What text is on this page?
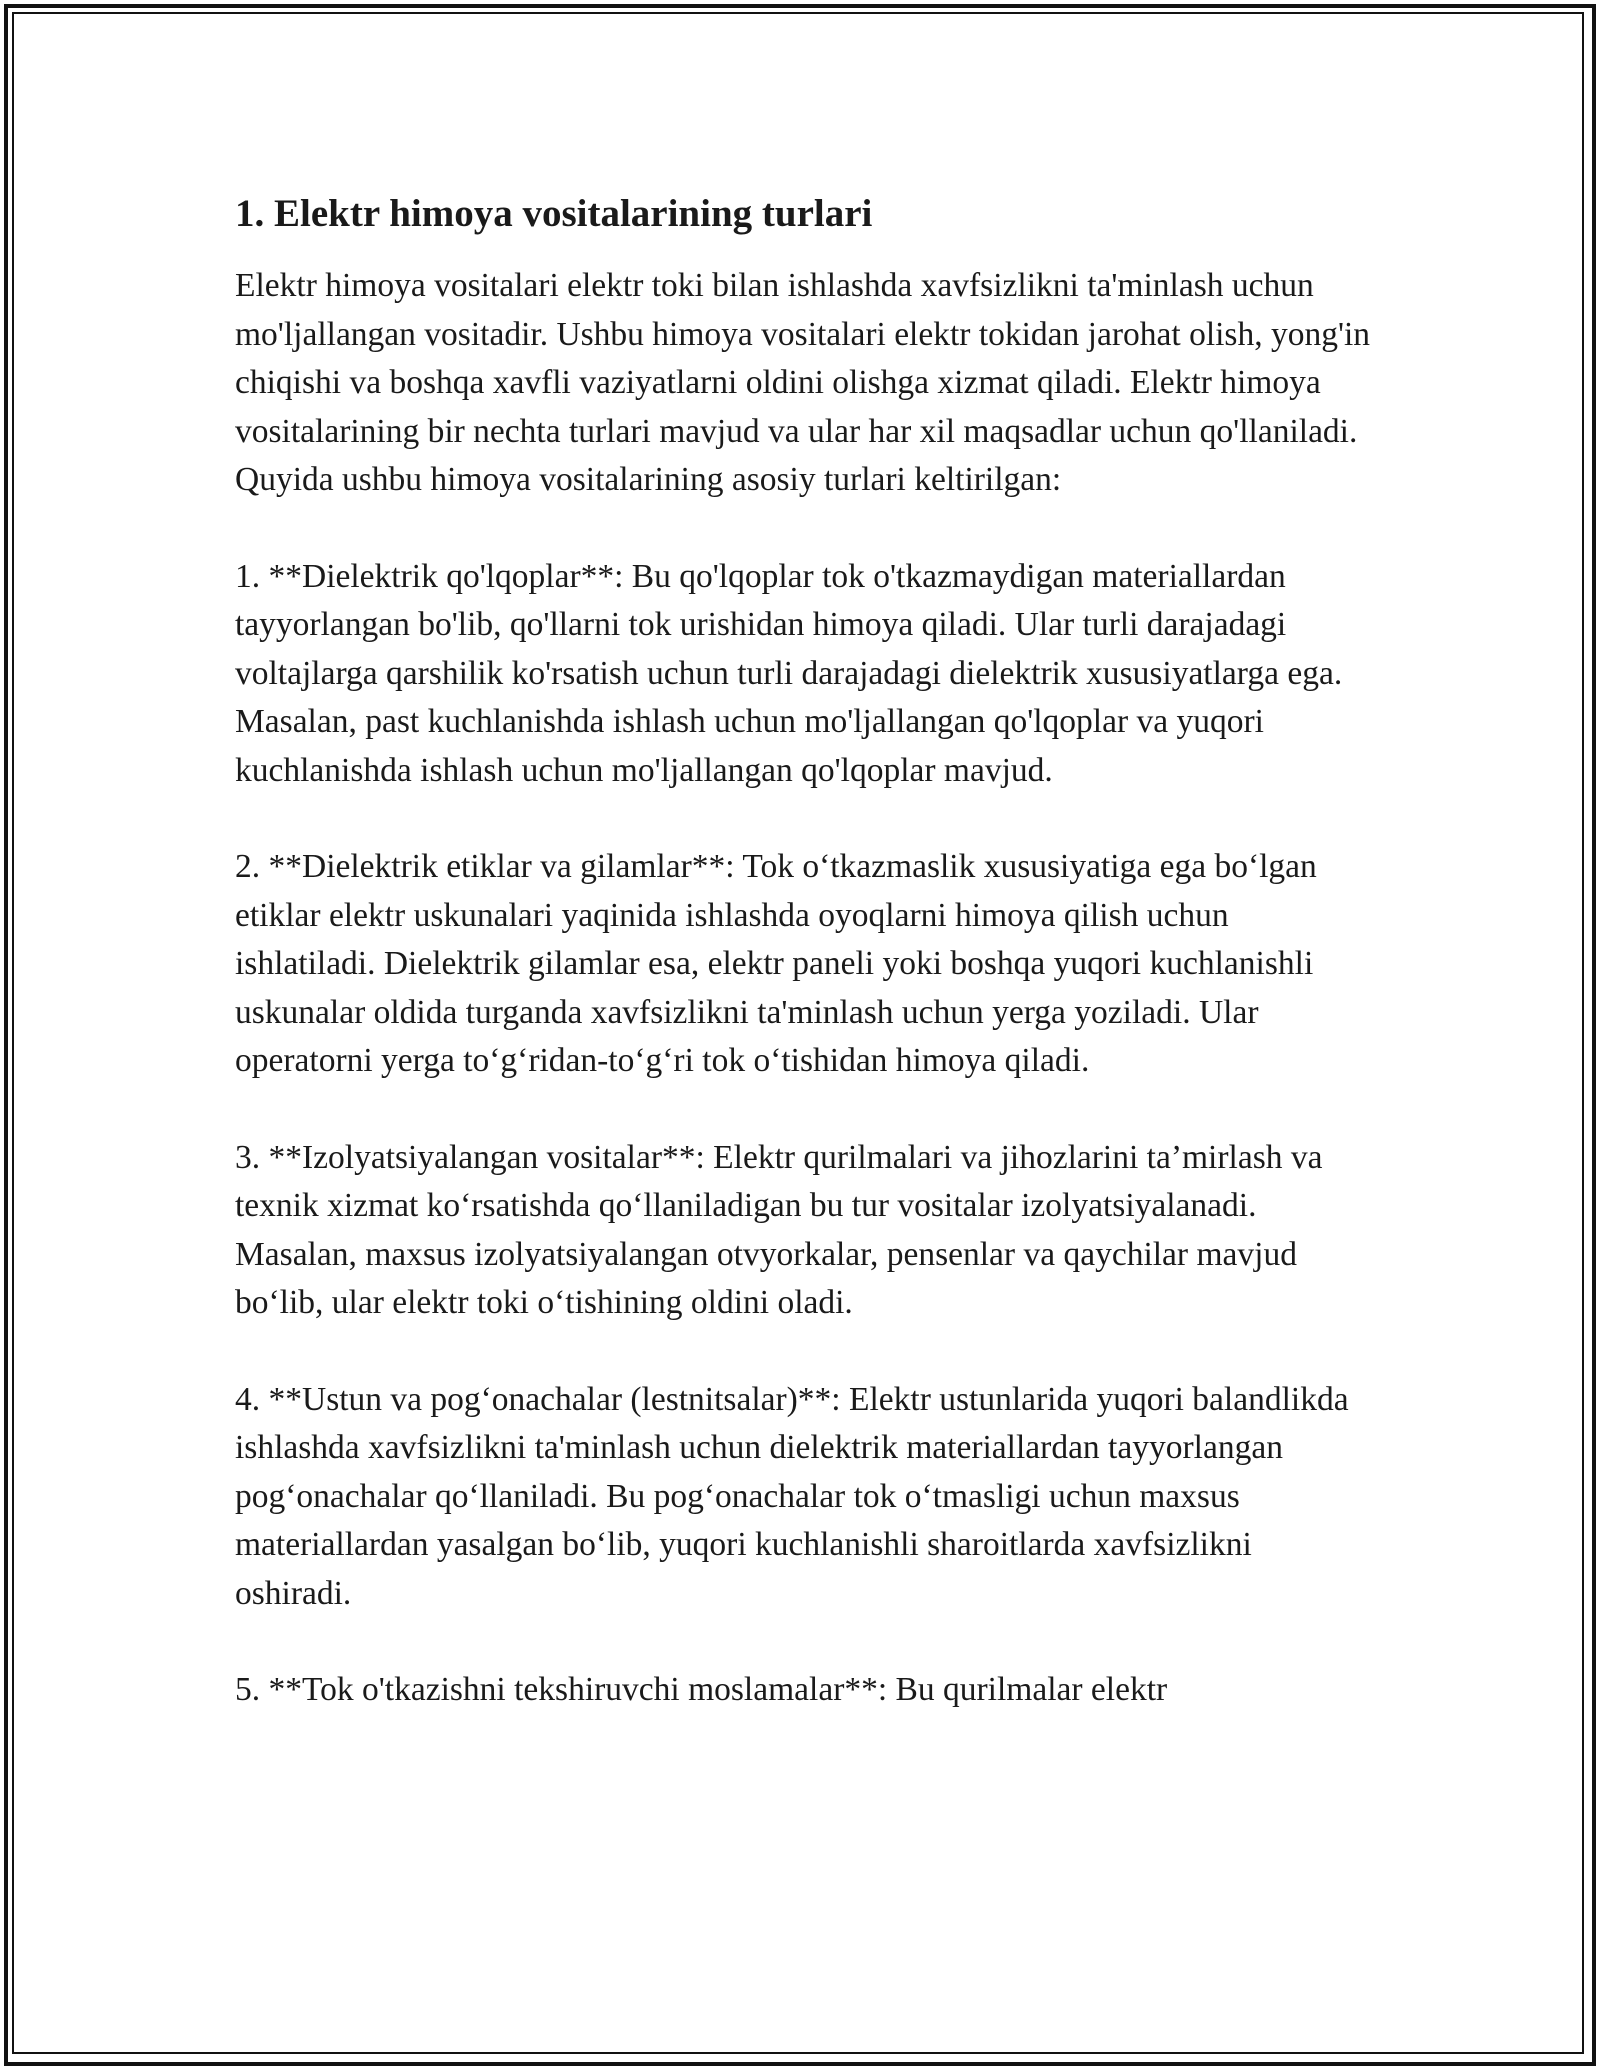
1. Elektr himoya vositalarining turlari

Elektr himoya vositalari elektr toki bilan ishlashda xavfsizlikni ta'minlash uchun mo'ljallangan vositadir. Ushbu himoya vositalari elektr tokidan jarohat olish, yong'in chiqishi va boshqa xavfli vaziyatlarni oldini olishga xizmat qiladi. Elektr himoya vositalarining bir nechta turlari mavjud va ular har xil maqsadlar uchun qo'llaniladi. Quyida ushbu himoya vositalarining asosiy turlari keltirilgan:

1. **Dielektrik qo'lqoplar**: Bu qo'lqoplar tok o'tkazmaydigan materiallardan tayyorlangan bo'lib, qo'llarni tok urishidan himoya qiladi. Ular turli darajadagi voltajlarga qarshilik ko'rsatish uchun turli darajadagi dielektrik xususiyatlarga ega. Masalan, past kuchlanishda ishlash uchun mo'ljallangan qo'lqoplar va yuqori kuchlanishda ishlash uchun mo'ljallangan qo'lqoplar mavjud.

2. **Dielektrik etiklar va gilamlar**: Tok o‘tkazmaslik xususiyatiga ega bo‘lgan etiklar elektr uskunalari yaqinida ishlashda oyoqlarni himoya qilish uchun ishlatiladi. Dielektrik gilamlar esa, elektr paneli yoki boshqa yuqori kuchlanishli uskunalar oldida turganda xavfsizlikni ta'minlash uchun yerga yoziladi. Ular operatorni yerga to‘g‘ridan-to‘g‘ri tok o‘tishidan himoya qiladi.

3. **Izolyatsiyalangan vositalar**: Elektr qurilmalari va jihozlarini ta’mirlash va texnik xizmat ko‘rsatishda qo‘llaniladigan bu tur vositalar izolyatsiyalanadi. Masalan, maxsus izolyatsiyalangan otvyorkalar, pensenlar va qaychilar mavjud bo‘lib, ular elektr toki o‘tishining oldini oladi.

4. **Ustun va pog‘onachalar (lestnitsalar)**: Elektr ustunlarida yuqori balandlikda ishlashda xavfsizlikni ta'minlash uchun dielektrik materiallardan tayyorlangan pog‘onachalar qo‘llaniladi. Bu pog‘onachalar tok o‘tmasligi uchun maxsus materiallardan yasalgan bo‘lib, yuqori kuchlanishli sharoitlarda xavfsizlikni oshiradi.

5. **Tok o'tkazishni tekshiruvchi moslamalar**: Bu qurilmalar elektr
